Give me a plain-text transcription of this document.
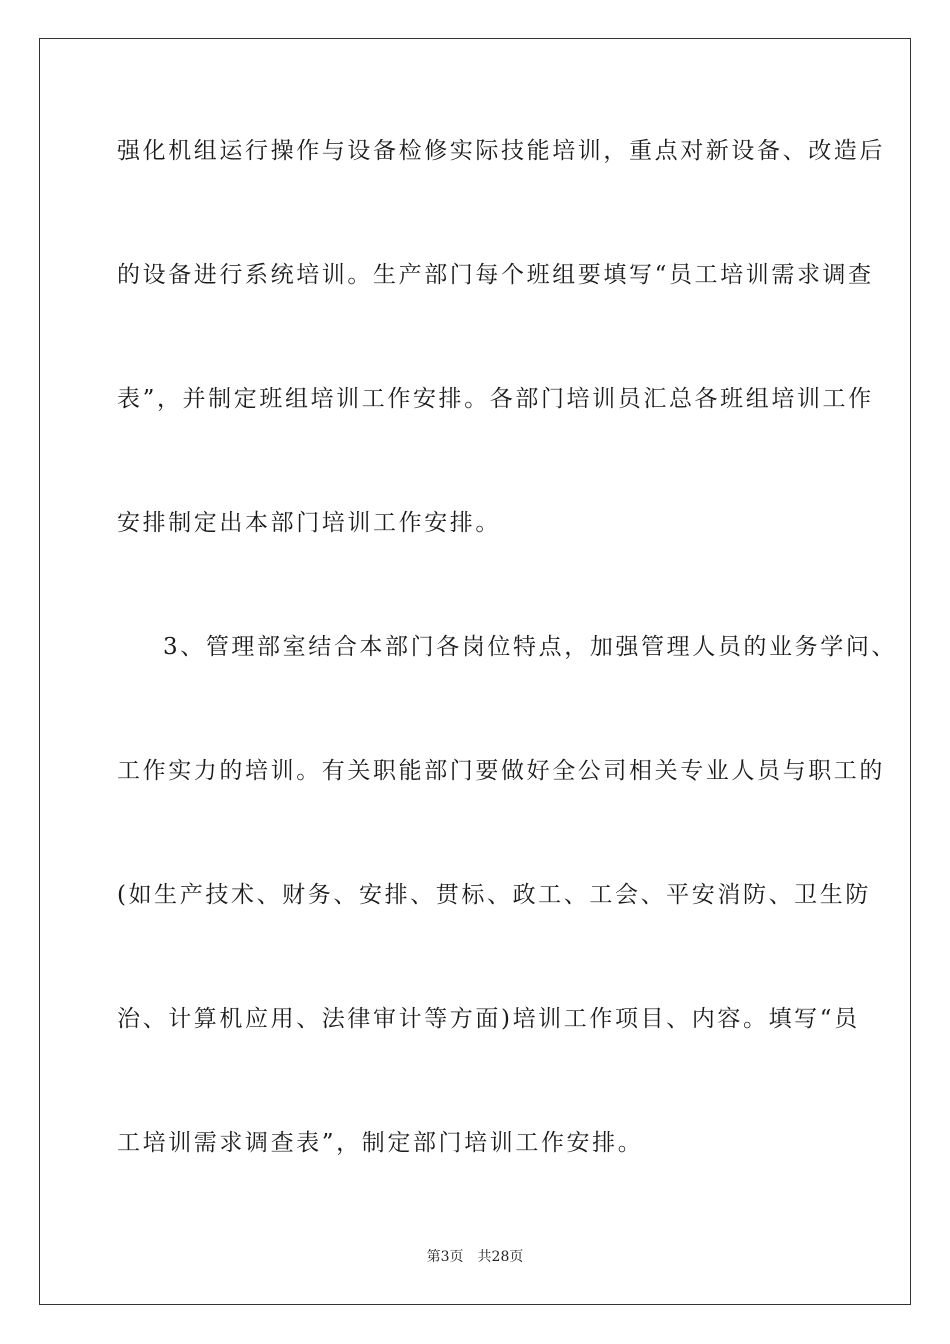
强化机组运行操作与设备检修实际技能培训，重点对新设备、改造后
的设备进行系统培训。生产部门每个班组要填写“员工培训需求调查
表”，并制定班组培训工作安排。各部门培训员汇总各班组培训工作
安排制定出本部门培训工作安排。
3、管理部室结合本部门各岗位特点，加强管理人员的业务学问、
工作实力的培训。有关职能部门要做好全公司相关专业人员与职工的
(如生产技术、财务、安排、贯标、政工、工会、平安消防、卫生防
治、计算机应用、法律审计等方面)培训工作项目、内容。填写“员
工培训需求调查表”，制定部门培训工作安排。
第3页 共28页
